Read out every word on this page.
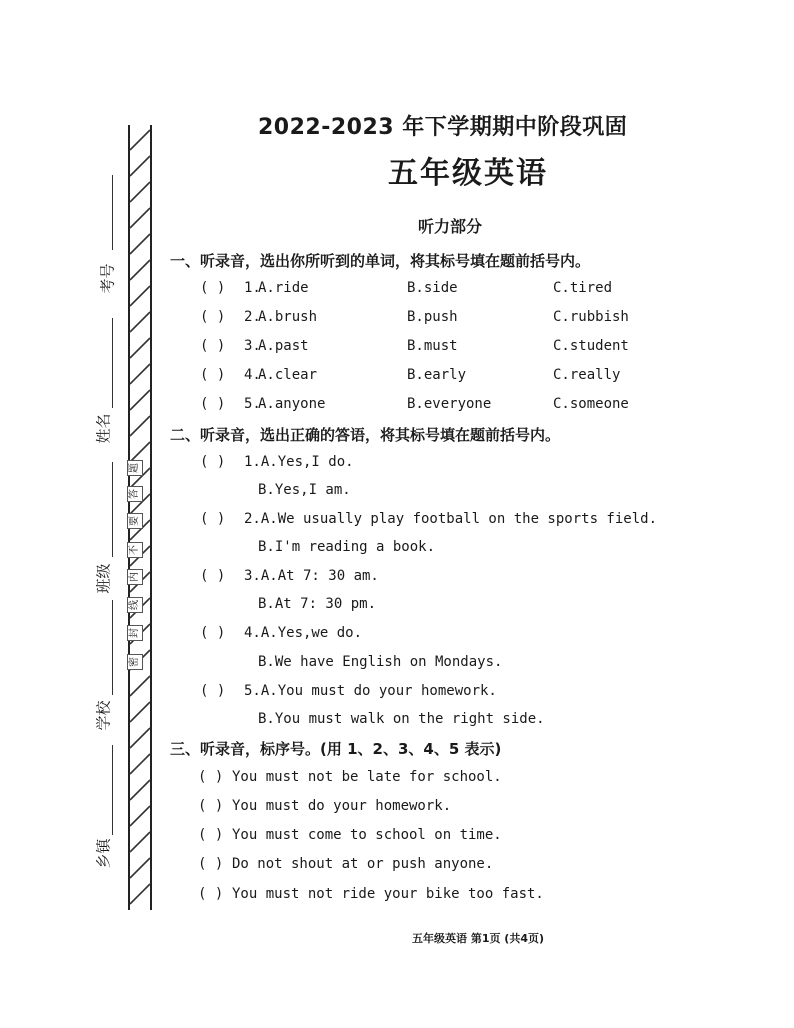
考号
姓名
班级
学校
乡镇
题
答
要
不
内
线
封
密
2022-2023 年下学期期中阶段巩固
五年级英语
听力部分
一、听录音，选出你所听到的单词，将其标号填在题前括号内。
( ) 1.
A.ride	B.side	C.tired
( ) 2.
A.brush	B.push	C.rubbish
( ) 3.
A.past	B.must	C.student
( ) 4.
A.clear	B.early	C.really
( ) 5.
A.anyone	B.everyone	C.someone
二、听录音，选出正确的答语，将其标号填在题前括号内。
( ) 1.A.Yes,I do.
B.Yes,I am.
( ) 2.A.We usually play football on the sports field.
B.I'm reading a book.
( ) 3.A.At 7: 30 am.
B.At 7: 30 pm.
( ) 4.A.Yes,we do.
B.We have English on Mondays.
( ) 5.A.You must do your homework.
B.You must walk on the right side.
三、听录音，标序号。(用 1、2、3、4、5 表示)
( ) You must not be late for school.
( ) You must do your homework.
( ) You must come to school on time.
( ) Do not shout at or push anyone.
( ) You must not ride your bike too fast.
五年级英语 第1页 (共4页)
